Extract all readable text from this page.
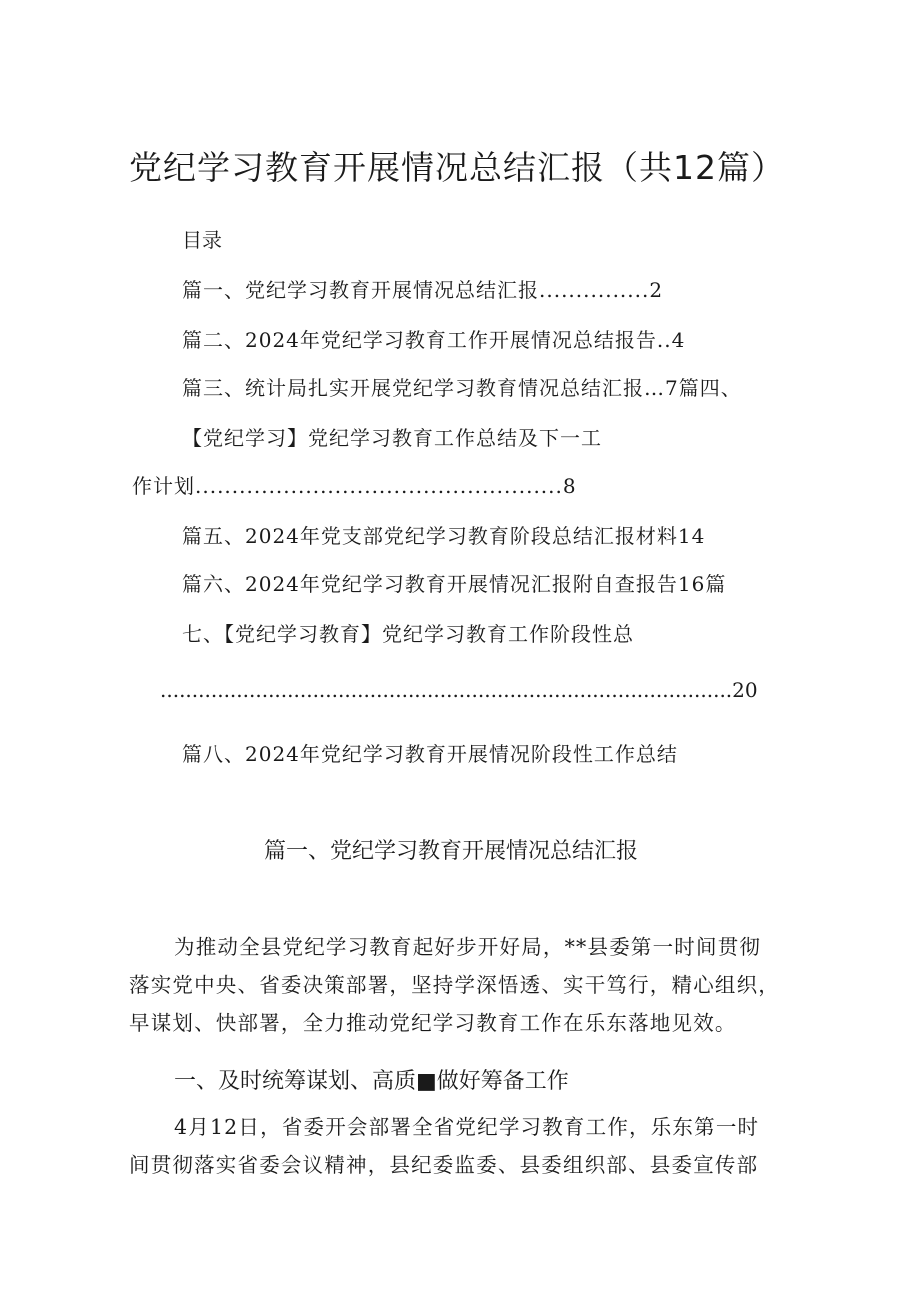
党纪学习教育开展情况总结汇报（共12篇）
目录
篇一、党纪学习教育开展情况总结汇报...............2
篇二、2024年党纪学习教育工作开展情况总结报告..4
篇三、统计局扎实开展党纪学习教育情况总结汇报…7篇四、
【党纪学习】党纪学习教育工作总结及下一工
作计划..................................................8
篇五、2024年党支部党纪学习教育阶段总结汇报材料14
篇六、2024年党纪学习教育开展情况汇报附自查报告16篇
七、【党纪学习教育】党纪学习教育工作阶段性总
..........................................................................................20
篇八、2024年党纪学习教育开展情况阶段性工作总结
篇一、党纪学习教育开展情况总结汇报
为推动全县党纪学习教育起好步开好局，**县委第一时间贯彻
落实党中央、省委决策部署，坚持学深悟透、实干笃行，精心组织，
早谋划、快部署，全力推动党纪学习教育工作在乐东落地见效。
一、及时统筹谋划、高质■做好筹备工作
4月12日，省委开会部署全省党纪学习教育工作，乐东第一时
间贯彻落实省委会议精神，县纪委监委、县委组织部、县委宣传部
